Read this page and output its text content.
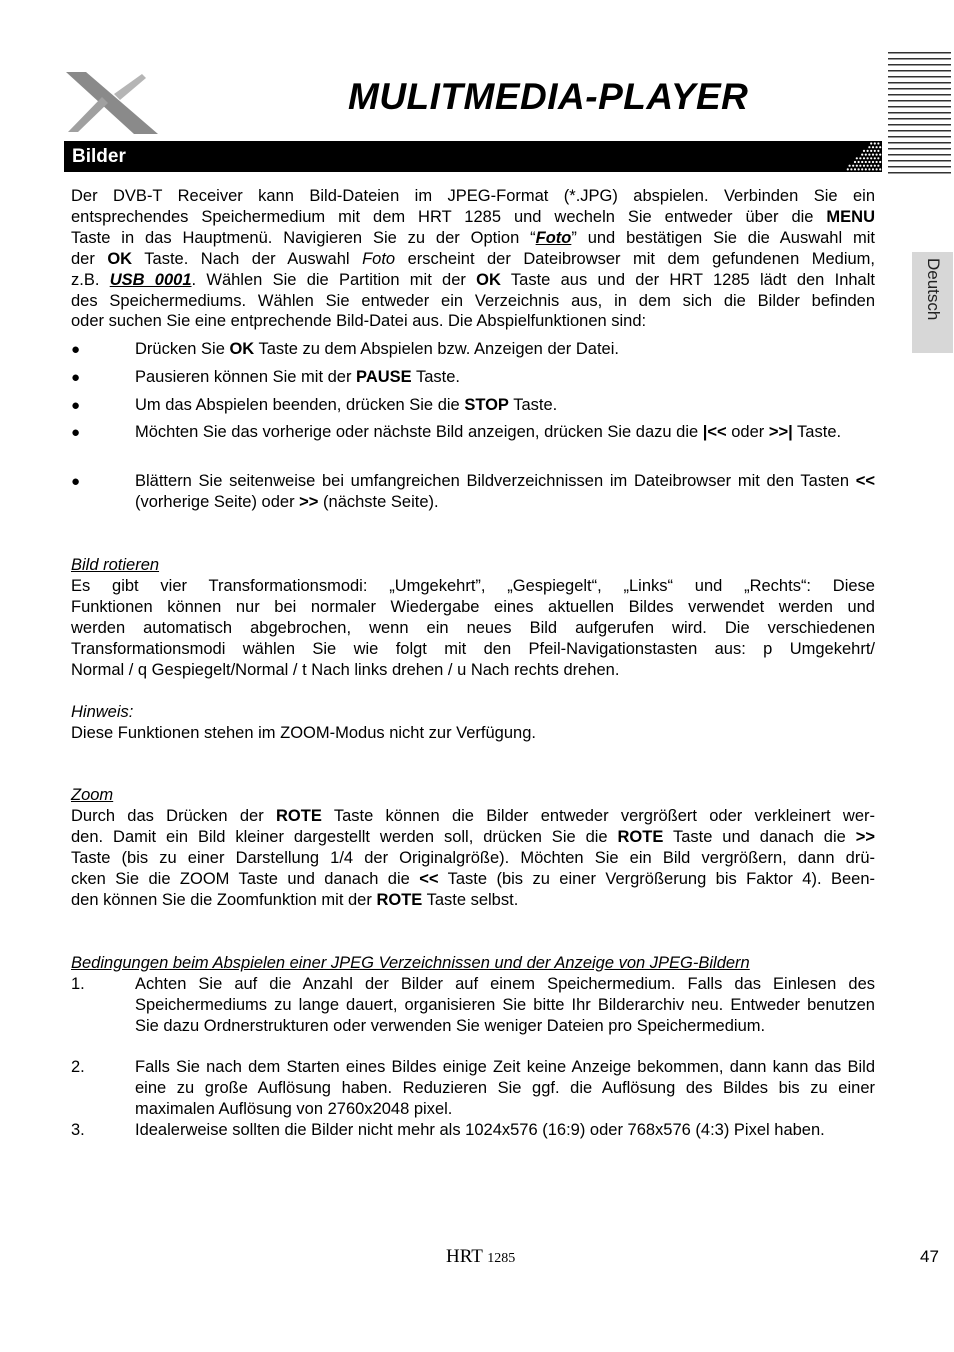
MULITMEDIA-PLAYER
Bilder
Deutsch
Der DVB-T Receiver kann Bild-Dateien im JPEG-Format (*.JPG) abspielen. Verbinden Sie ein
entsprechendes Speichermedium mit dem HRT 1285 und wecheln Sie entweder über die MENU
Taste in das Hauptmenü. Navigieren Sie zu der Option “Foto” und bestätigen Sie die Auswahl mit
der OK Taste. Nach der Auswahl Foto erscheint der Dateibrowser mit dem gefundenen Medium,
z.B. USB 0001. Wählen Sie die Partition mit der OK Taste aus und der HRT 1285 lädt den Inhalt
des Speichermediums. Wählen Sie entweder ein Verzeichnis aus, in dem sich die Bilder befinden
oder suchen Sie eine entprechende Bild-Datei aus. Die Abspielfunktionen sind:
●	Drücken Sie OK Taste zu dem Abspielen bzw. Anzeigen der Datei.
●	Pausieren können Sie mit der PAUSE Taste.
●	Um das Abspielen beenden, drücken Sie die STOP Taste.
●	Möchten Sie das vorherige oder nächste Bild anzeigen, drücken Sie dazu die |<< oder >>| Taste.
●	Blättern Sie seitenweise bei umfangreichen Bildverzeichnissen im Dateibrowser mit den Tasten << (vorherige Seite) oder >> (nächste Seite).
Bild rotieren
Es gibt vier Transformationsmodi: „Umgekehrt”, „Gespiegelt“, „Links“ und „Rechts“: Diese
Funktionen können nur bei normaler Wiedergabe eines aktuellen Bildes verwendet werden und
werden automatisch abgebrochen, wenn ein neues Bild aufgerufen wird. Die verschiedenen
Transformationsmodi wählen Sie wie folgt mit den Pfeil-Navigationstasten aus: p Umgekehrt/
Normal / q Gespiegelt/Normal / t Nach links drehen / u Nach rechts drehen.
Hinweis:
Diese Funktionen stehen im ZOOM-Modus nicht zur Verfügung.
Zoom
Durch das Drücken der ROTE Taste können die Bilder entweder vergrößert oder verkleinert wer-
den. Damit ein Bild kleiner dargestellt werden soll, drücken Sie die ROTE Taste und danach die >>
Taste (bis zu einer Darstellung 1/4 der Originalgröße). Möchten Sie ein Bild vergrößern, dann drü-
cken Sie die ZOOM Taste und danach die << Taste (bis zu einer Vergrößerung bis Faktor 4). Been-
den können Sie die Zoomfunktion mit der ROTE Taste selbst.
Bedingungen beim Abspielen einer JPEG Verzeichnissen und der Anzeige von JPEG-Bildern
1.	Achten Sie auf die Anzahl der Bilder auf einem Speichermedium. Falls das Einlesen des Speichermediums zu lange dauert, organisieren Sie bitte Ihr Bilderarchiv neu. Entweder benutzen Sie dazu Ordnerstrukturen oder verwenden Sie weniger Dateien pro Speichermedium.
2.	Falls Sie nach dem Starten eines Bildes einige Zeit keine Anzeige bekommen, dann kann das Bild eine zu große Auflösung haben. Reduzieren Sie ggf. die Auflösung des Bildes bis zu einer maximalen Auflösung von 2760x2048 pixel.
3.	Idealerweise sollten die Bilder nicht mehr als 1024x576 (16:9) oder 768x576 (4:3) Pixel haben.
HRT 1285	47
